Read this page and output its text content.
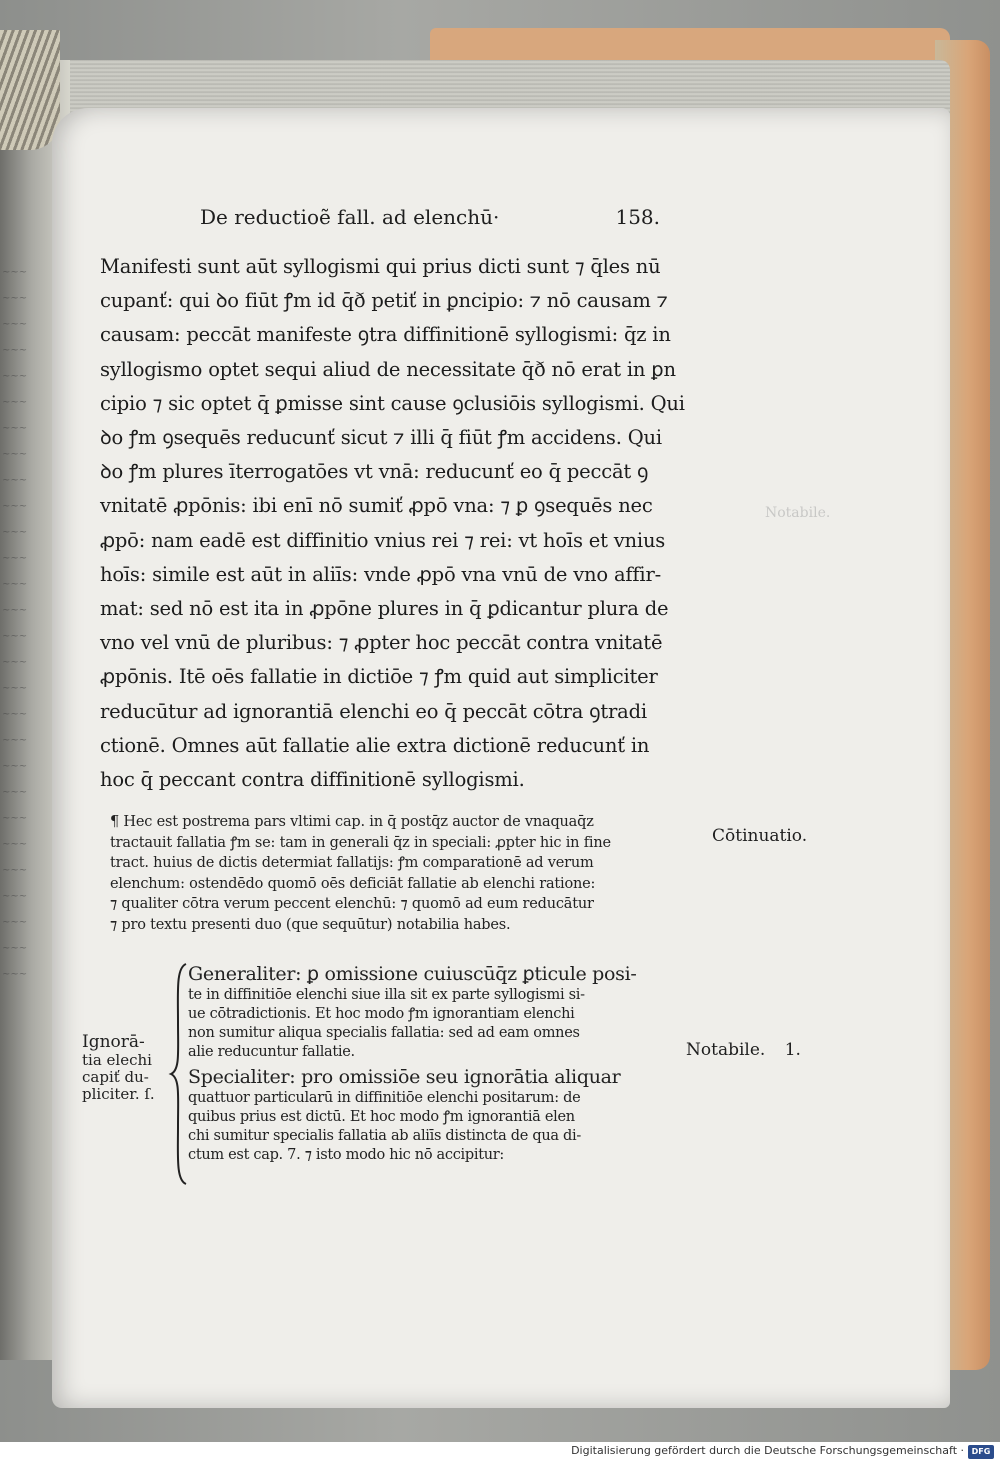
~~~
~~~
~~~
~~~
~~~
~~~
~~~
~~~
~~~
~~~
~~~
~~~
~~~
~~~
~~~
~~~
~~~
~~~
~~~
~~~
~~~
~~~
~~~
~~~
~~~
~~~
~~~
~~~
De reductioẽ fall. ad elenchū·	158.
Manifesti sunt aūt syllogismi qui prius dicti sunt ⁊ q̄les nū
cupanť: qui ꝺo fiūt ꝭm id q̄ð petiť in ꝑncipio: ⁊ nō causam ⁊
causam: peccāt manifeste ꝯtra diffinitionē syllogismi: q̄z in
syllogismo optet sequi aliud de necessitate q̄ð nō erat in ꝑn
cipio ⁊ sic optet q̄ ꝑmisse sint cause ꝯclusiōis syllogismi. Qui
ꝺo ꝭm ꝯsequēs reducunť sicut ⁊ illi q̄ fiūt ꝭm accidens. Qui
ꝺo ꝭm plures īterrogatōes vt vnā: reducunť eo q̄ peccāt ꝯ
vnitatē ꝓpōnis: ibi enī nō sumiť ꝓpō vna: ⁊ ꝑ ꝯsequēs nec
ꝓpō: nam eadē est diffinitio vnius rei ⁊ rei: vt hoīs et vnius
hoīs: simile est aūt in aliīs: vnde ꝓpō vna vnū de vno affir-
mat: sed nō est ita in ꝓpōne plures in q̄ ꝑdicantur plura de
vno vel vnū de pluribus: ⁊ ꝓpter hoc peccāt contra vnitatē
ꝓpōnis. Itē oēs fallatie in dictiōe ⁊ ꝭm quid aut simpliciter
reducūtur ad ignorantiā elenchi eo q̄ peccāt cōtra ꝯtradi
ctionē. Omnes aūt fallatie alie extra dictionē reducunť in
hoc q̄ peccant contra diffinitionē syllogismi.
Notabile.
¶ Hec est postrema pars vltimi cap. in q̄ postq̄z auctor de vnaquaq̄z
tractauit fallatia ꝭm se: tam in generali q̄z in speciali: ꝓpter hic in fine
tract. huius de dictis determiat fallatijs: ꝭm comparationē ad verum
elenchum: ostendēdo quomō oēs deficiāt fallatie ab elenchi ratione:
⁊ qualiter cōtra verum peccent elenchū: ⁊ quomō ad eum reducātur
⁊ pro textu presenti duo (que sequūtur) notabilia habes.
Cōtinuatio.
Generaliter: ꝑ omissione cuiuscūq̄z ꝑticule posi-
te in diffinitiōe elenchi siue illa sit ex parte syllogismi si-
ue cōtradictionis. Et hoc modo ꝭm ignorantiam elenchi
non sumitur aliqua specialis fallatia: sed ad eam omnes
alie reducuntur fallatie.
Specialiter: pro omissiōe seu ignorātia aliquar
quattuor particularū in diffinitiōe elenchi positarum: de
quibus prius est dictū. Et hoc modo ꝭm ignorantiā elen
chi sumitur specialis fallatia ab aliīs distincta de qua di-
ctum est cap. 7. ⁊ isto modo hic nō accipitur:
Ignorā-
tia elechi
capiť du-
pliciter. ſ.
Notabile. 1.
Digitalisierung gefördert durch die Deutsche Forschungsgemeinschaft · DFG
